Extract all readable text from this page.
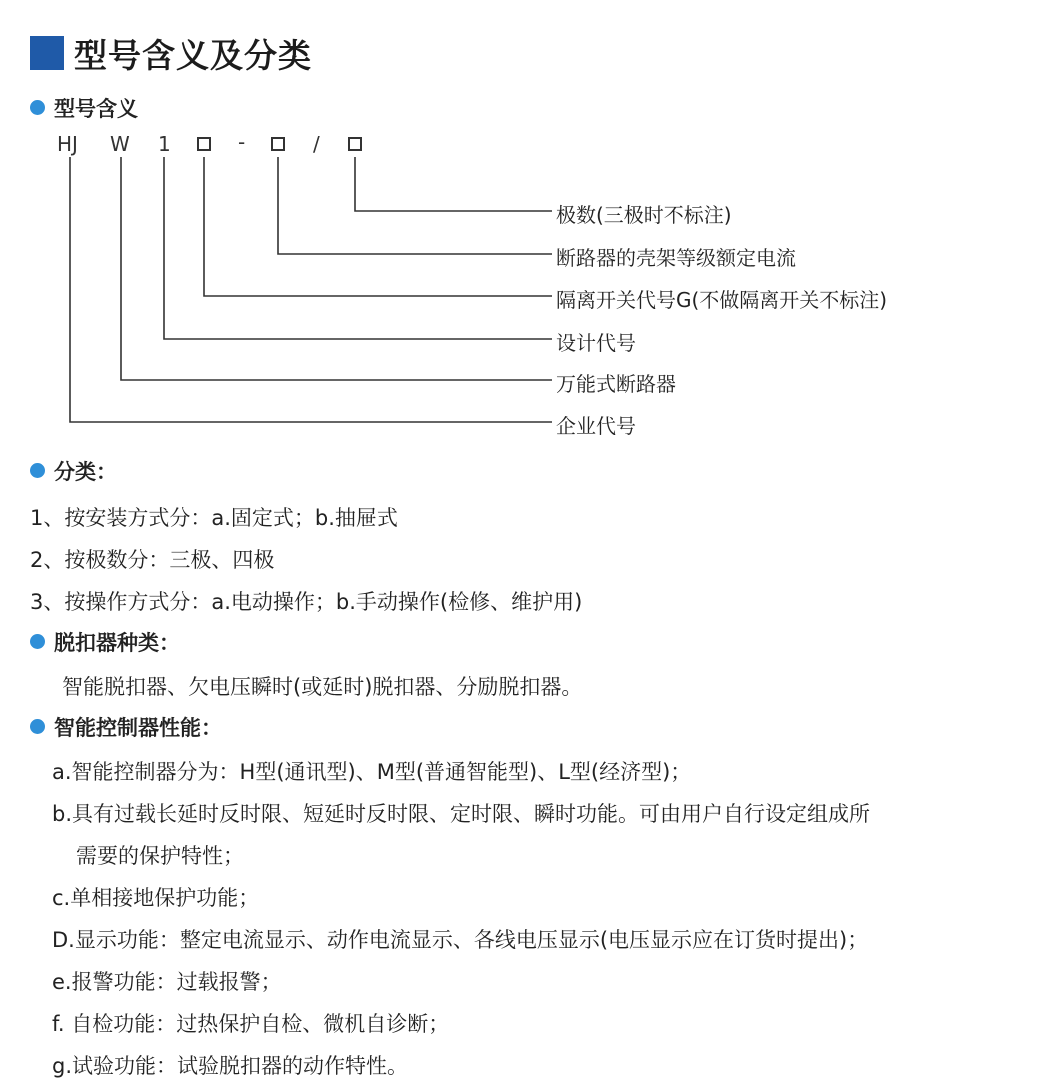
型号含义及分类
型号含义
HJ W 1	-	/
极数(三极时不标注)
断路器的壳架等级额定电流
隔离开关代号G(不做隔离开关不标注)
设计代号
万能式断路器
企业代号
分类：
1、按安装方式分：a.固定式；b.抽屉式
2、按极数分：三极、四极
3、按操作方式分：a.电动操作；b.手动操作(检修、维护用)
脱扣器种类：
智能脱扣器、欠电压瞬时(或延时)脱扣器、分励脱扣器。
智能控制器性能：
a.智能控制器分为：H型(通讯型)、M型(普通智能型)、L型(经济型)；
b.具有过载长延时反时限、短延时反时限、定时限、瞬时功能。可由用户自行设定组成所
需要的保护特性；
c.单相接地保护功能；
D.显示功能：整定电流显示、动作电流显示、各线电压显示(电压显示应在订货时提出)；
e.报警功能：过载报警；
f. 自检功能：过热保护自检、微机自诊断；
g.试验功能：试验脱扣器的动作特性。
